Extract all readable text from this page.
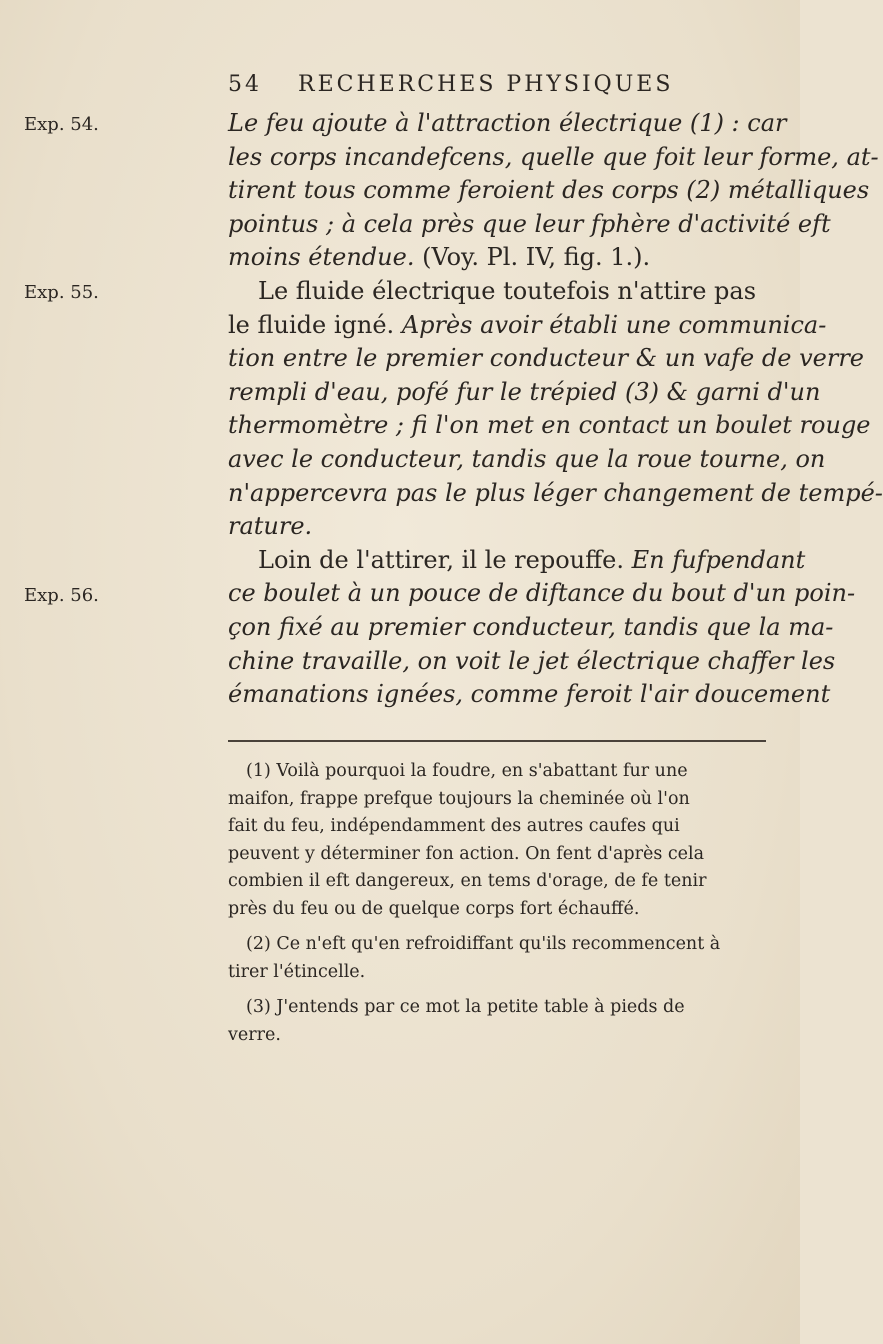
54 RECHERCHES PHYSIQUES
Exp. 54.
Exp. 55.
Exp. 56.
Le feu ajoute à l'attraction électrique (1) : car
les corps incandefcens, quelle que foit leur forme, at-
tirent tous comme feroient des corps (2) métalliques
pointus ; à cela près que leur fphère d'activité eft
moins étendue. (Voy. Pl. IV, fig. 1.).
Le fluide électrique toutefois n'attire pas
le fluide igné. Après avoir établi une communica-
tion entre le premier conducteur & un vafe de verre
rempli d'eau, pofé fur le trépied (3) & garni d'un
thermomètre ; fi l'on met en contact un boulet rouge
avec le conducteur, tandis que la roue tourne, on
n'appercevra pas le plus léger changement de tempé-
rature.
Loin de l'attirer, il le repouffe. En fufpendant
ce boulet à un pouce de diftance du bout d'un poin-
çon fixé au premier conducteur, tandis que la ma-
chine travaille, on voit le jet électrique chaffer les
émanations ignées, comme feroit l'air doucement
(1) Voilà pourquoi la foudre, en s'abattant fur une
maifon, frappe prefque toujours la cheminée où l'on
fait du feu, indépendamment des autres caufes qui
peuvent y déterminer fon action. On fent d'après cela
combien il eft dangereux, en tems d'orage, de fe tenir
près du feu ou de quelque corps fort échauffé.
(2) Ce n'eft qu'en refroidiffant qu'ils recommencent à
tirer l'étincelle.
(3) J'entends par ce mot la petite table à pieds de
verre.
